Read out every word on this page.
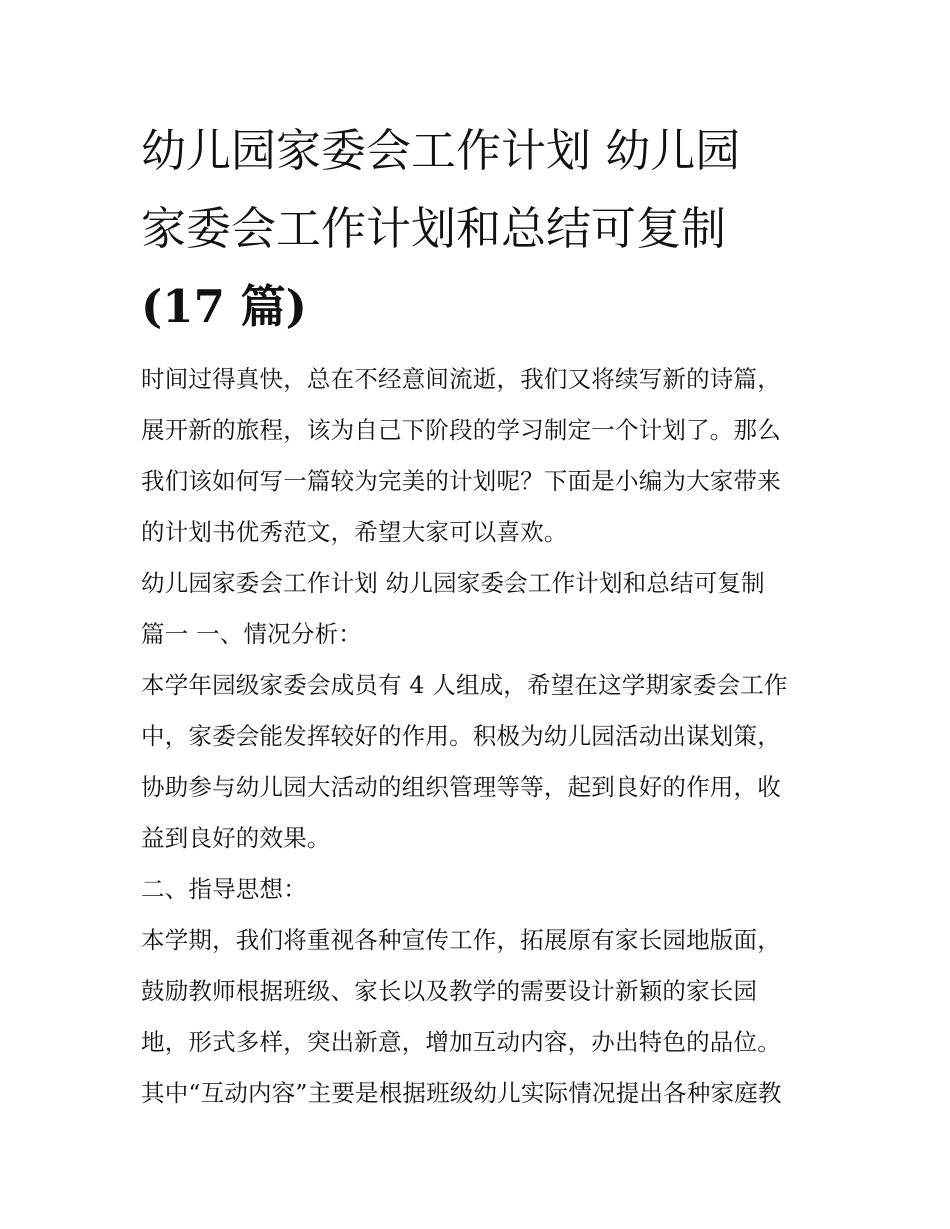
幼儿园家委会工作计划 幼儿园
家委会工作计划和总结可复制
(17 篇)

时间过得真快，总在不经意间流逝，我们又将续写新的诗篇，
展开新的旅程，该为自己下阶段的学习制定一个计划了。那么
我们该如何写一篇较为完美的计划呢？下面是小编为大家带来
的计划书优秀范文，希望大家可以喜欢。

幼儿园家委会工作计划 幼儿园家委会工作计划和总结可复制
篇一 一、情况分析：

本学年园级家委会成员有 4 人组成，希望在这学期家委会工作
中，家委会能发挥较好的作用。积极为幼儿园活动出谋划策，
协助参与幼儿园大活动的组织管理等等，起到良好的作用，收
益到良好的效果。

二、指导思想：

本学期，我们将重视各种宣传工作，拓展原有家长园地版面，
鼓励教师根据班级、家长以及教学的需要设计新颖的家长园
地，形式多样，突出新意，增加互动内容，办出特色的品位。
其中“互动内容”主要是根据班级幼儿实际情况提出各种家庭教
